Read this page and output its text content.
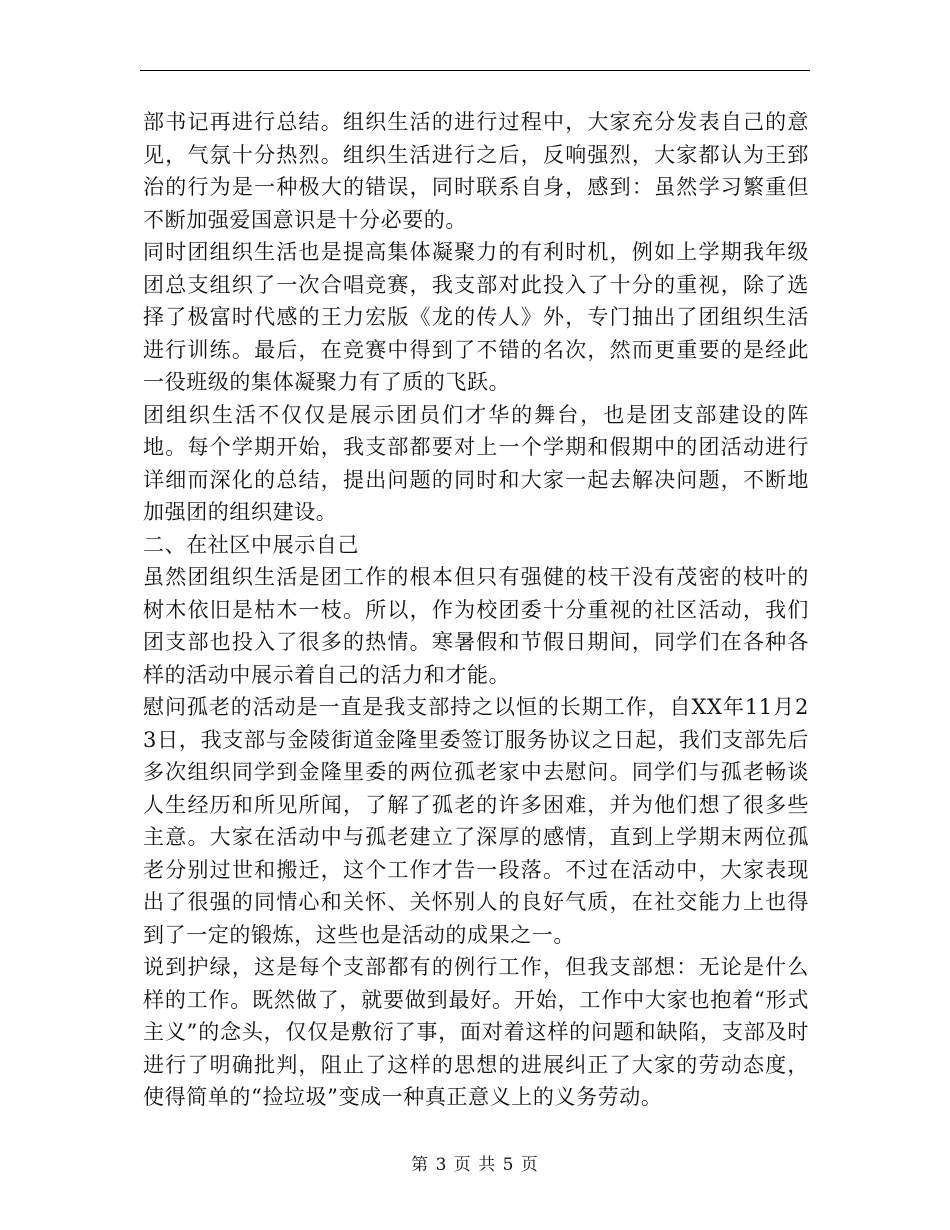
部书记再进行总结。组织生活的进行过程中，大家充分发表自己的意见，气氛十分热烈。组织生活进行之后，反响强烈，大家都认为王郅治的行为是一种极大的错误，同时联系自身，感到：虽然学习繁重但不断加强爱国意识是十分必要的。

同时团组织生活也是提高集体凝聚力的有利时机，例如上学期我年级团总支组织了一次合唱竞赛，我支部对此投入了十分的重视，除了选择了极富时代感的王力宏版《龙的传人》外，专门抽出了团组织生活进行训练。最后，在竞赛中得到了不错的名次，然而更重要的是经此一役班级的集体凝聚力有了质的飞跃。

团组织生活不仅仅是展示团员们才华的舞台，也是团支部建设的阵地。每个学期开始，我支部都要对上一个学期和假期中的团活动进行详细而深化的总结，提出问题的同时和大家一起去解决问题，不断地加强团的组织建设。

二、在社区中展示自己

虽然团组织生活是团工作的根本但只有强健的枝干没有茂密的枝叶的树木依旧是枯木一枝。所以，作为校团委十分重视的社区活动，我们团支部也投入了很多的热情。寒暑假和节假日期间，同学们在各种各样的活动中展示着自己的活力和才能。

慰问孤老的活动是一直是我支部持之以恒的长期工作，自XX年11月23日，我支部与金陵街道金隆里委签订服务协议之日起，我们支部先后多次组织同学到金隆里委的两位孤老家中去慰问。同学们与孤老畅谈人生经历和所见所闻，了解了孤老的许多困难，并为他们想了很多些主意。大家在活动中与孤老建立了深厚的感情，直到上学期末两位孤老分别过世和搬迁，这个工作才告一段落。不过在活动中，大家表现出了很强的同情心和关怀、关怀别人的良好气质，在社交能力上也得到了一定的锻炼，这些也是活动的成果之一。

说到护绿，这是每个支部都有的例行工作，但我支部想：无论是什么样的工作。既然做了，就要做到最好。开始，工作中大家也抱着“形式主义”的念头，仅仅是敷衍了事，面对着这样的问题和缺陷，支部及时进行了明确批判，阻止了这样的思想的进展纠正了大家的劳动态度，使得简单的“捡垃圾”变成一种真正意义上的义务劳动。

第 3 页 共 5 页
